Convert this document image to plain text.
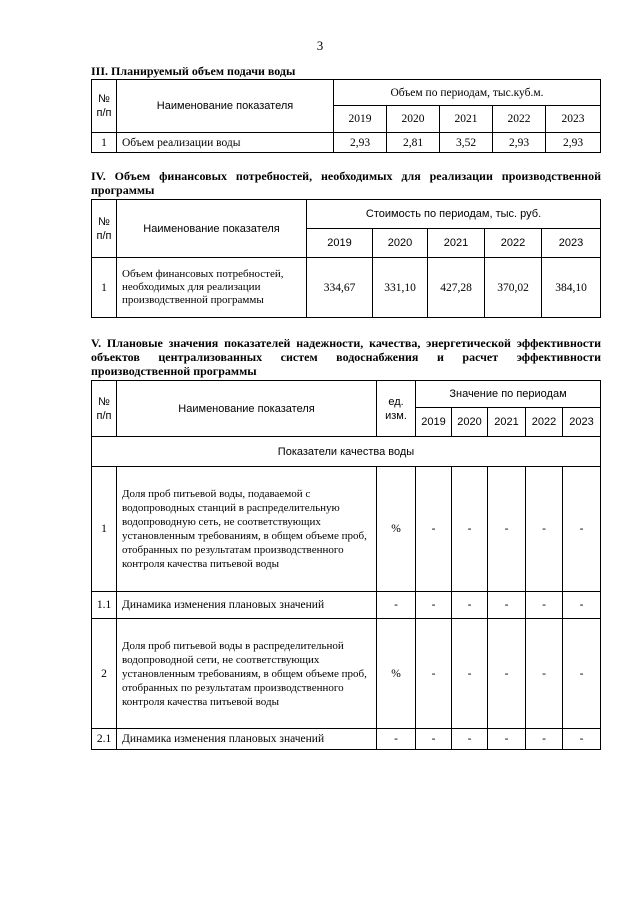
3
III. Планируемый объем подачи воды
№
п/п	Наименование показателя	Объем по периодам, тыс.куб.м.				
		2019	2020	2021	2022	2023
1	Объем реализации воды	2,93	2,81	3,52	2,93	2,93
IV. Объем финансовых потребностей, необходимых для реализации производственной программы
№
п/п	Наименование показателя	Стоимость по периодам, тыс. руб.				
		2019	2020	2021	2022	2023
1	Объем финансовых потребностей, необходимых для реализации производственной программы	334,67	331,10	427,28	370,02	384,10
V. Плановые значения показателей надежности, качества, энергетической эффективности объектов централизованных систем водоснабжения и расчет эффективности производственной программы
№
п/п	Наименование показателя	ед.
изм.	Значение по периодам				
			2019	2020	2021	2022	2023
Показатели качества воды							
1	Доля проб питьевой воды, подаваемой с водопроводных станций в распределительную водопроводную сеть, не соответствующих установленным требованиям, в общем объеме проб, отобранных по результатам производственного контроля качества питьевой воды	%	-	-	-	-	-
1.1	Динамика изменения плановых значений	-	-	-	-	-	-
2	Доля проб питьевой воды в распределительной водопроводной сети, не соответствующих установленным требованиям, в общем объеме проб, отобранных по результатам производственного контроля качества питьевой воды	%	-	-	-	-	-
2.1	Динамика изменения плановых значений	-	-	-	-	-	-
